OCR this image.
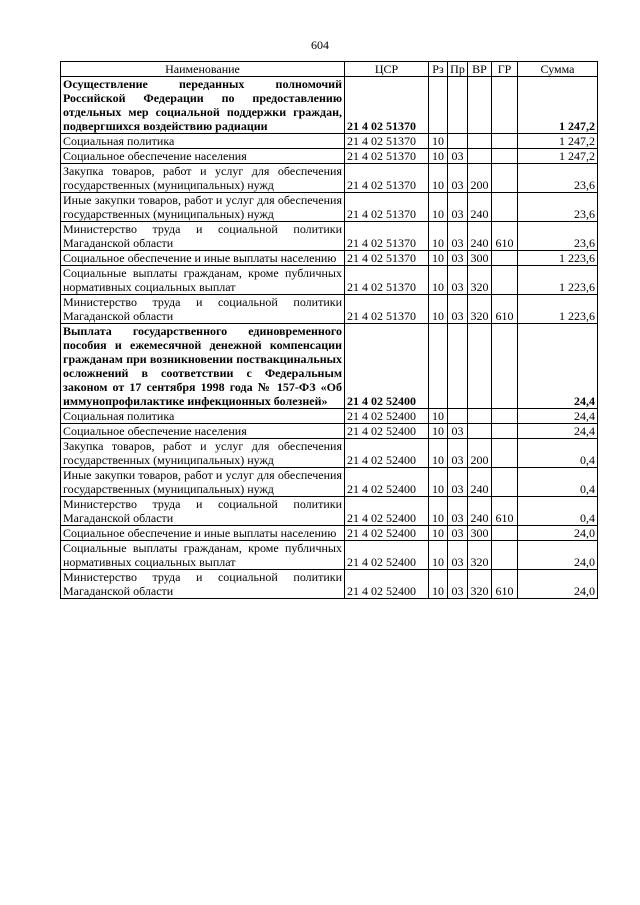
604
Наименование	ЦСР	Рз	Пр	ВР	ГР	Сумма
Осуществление переданных полномочий Российской Федерации по предоставлению отдельных мер социальной поддержки граждан, подвергшихся воздействию радиации	21 4 02 51370					1 247,2
Социальная политика	21 4 02 51370	10				1 247,2
Социальное обеспечение населения	21 4 02 51370	10	03			1 247,2
Закупка товаров, работ и услуг для обеспечения государственных (муниципальных) нужд	21 4 02 51370	10	03	200		23,6
Иные закупки товаров, работ и услуг для обеспечения государственных (муниципальных) нужд	21 4 02 51370	10	03	240		23,6
Министерство труда и социальной политики Магаданской области	21 4 02 51370	10	03	240	610	23,6
Социальное обеспечение и иные выплаты населению	21 4 02 51370	10	03	300		1 223,6
Социальные выплаты гражданам, кроме публичных нормативных социальных выплат	21 4 02 51370	10	03	320		1 223,6
Министерство труда и социальной политики Магаданской области	21 4 02 51370	10	03	320	610	1 223,6
Выплата государственного единовременного пособия и ежемесячной денежной компенсации гражданам при возникновении поствакцинальных осложнений в соответствии с Федеральным законом от 17 сентября 1998 года № 157-ФЗ «Об иммунопрофилактике инфекционных болезней»	21 4 02 52400					24,4
Социальная политика	21 4 02 52400	10				24,4
Социальное обеспечение населения	21 4 02 52400	10	03			24,4
Закупка товаров, работ и услуг для обеспечения государственных (муниципальных) нужд	21 4 02 52400	10	03	200		0,4
Иные закупки товаров, работ и услуг для обеспечения государственных (муниципальных) нужд	21 4 02 52400	10	03	240		0,4
Министерство труда и социальной политики Магаданской области	21 4 02 52400	10	03	240	610	0,4
Социальное обеспечение и иные выплаты населению	21 4 02 52400	10	03	300		24,0
Социальные выплаты гражданам, кроме публичных нормативных социальных выплат	21 4 02 52400	10	03	320		24,0
Министерство труда и социальной политики Магаданской области	21 4 02 52400	10	03	320	610	24,0
